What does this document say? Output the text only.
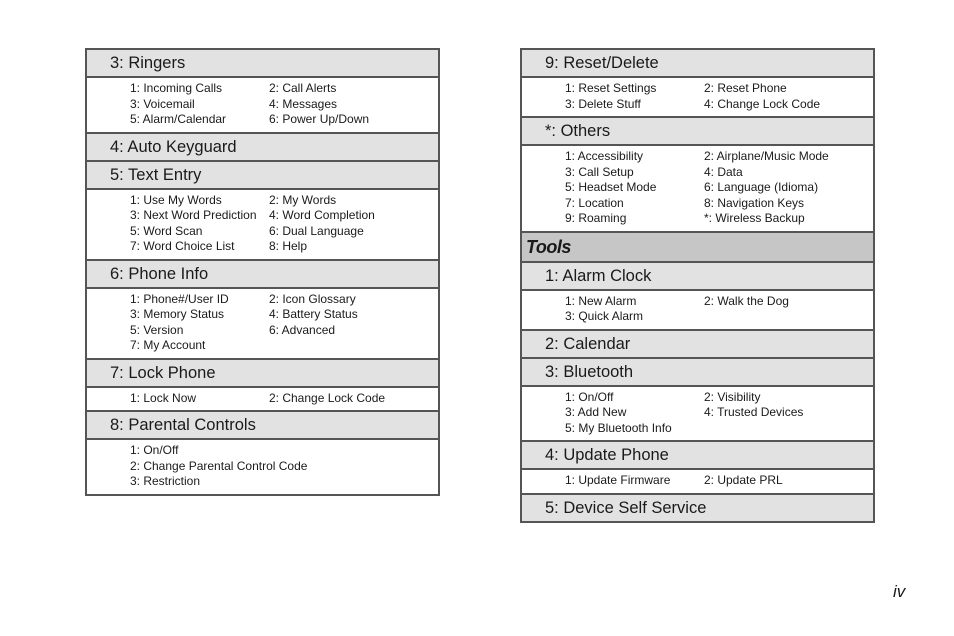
3: Ringers
1: Incoming Calls	2: Call Alerts
3: Voicemail	4: Messages
5: Alarm/Calendar	6: Power Up/Down
4: Auto Keyguard
5: Text Entry
1: Use My Words	2: My Words
3: Next Word Prediction	4: Word Completion
5: Word Scan	6: Dual Language
7: Word Choice List	8: Help
6: Phone Info
1: Phone#/User ID	2: Icon Glossary
3: Memory Status	4: Battery Status
5: Version	6: Advanced
7: My Account
7: Lock Phone
1: Lock Now	2: Change Lock Code
8: Parental Controls
1: On/Off
2: Change Parental Control Code
3: Restriction
9: Reset/Delete
1: Reset Settings	2: Reset Phone
3: Delete Stuff	4: Change Lock Code
*: Others
1: Accessibility	2: Airplane/Music Mode
3: Call Setup	4: Data
5: Headset Mode	6: Language (Idioma)
7: Location	8: Navigation Keys
9: Roaming	*: Wireless Backup
Tools
1: Alarm Clock
1: New Alarm	2: Walk the Dog
3: Quick Alarm
2: Calendar
3: Bluetooth
1: On/Off	2: Visibility
3: Add New	4: Trusted Devices
5: My Bluetooth Info
4: Update Phone
1: Update Firmware	2: Update PRL
5: Device Self Service
iv
